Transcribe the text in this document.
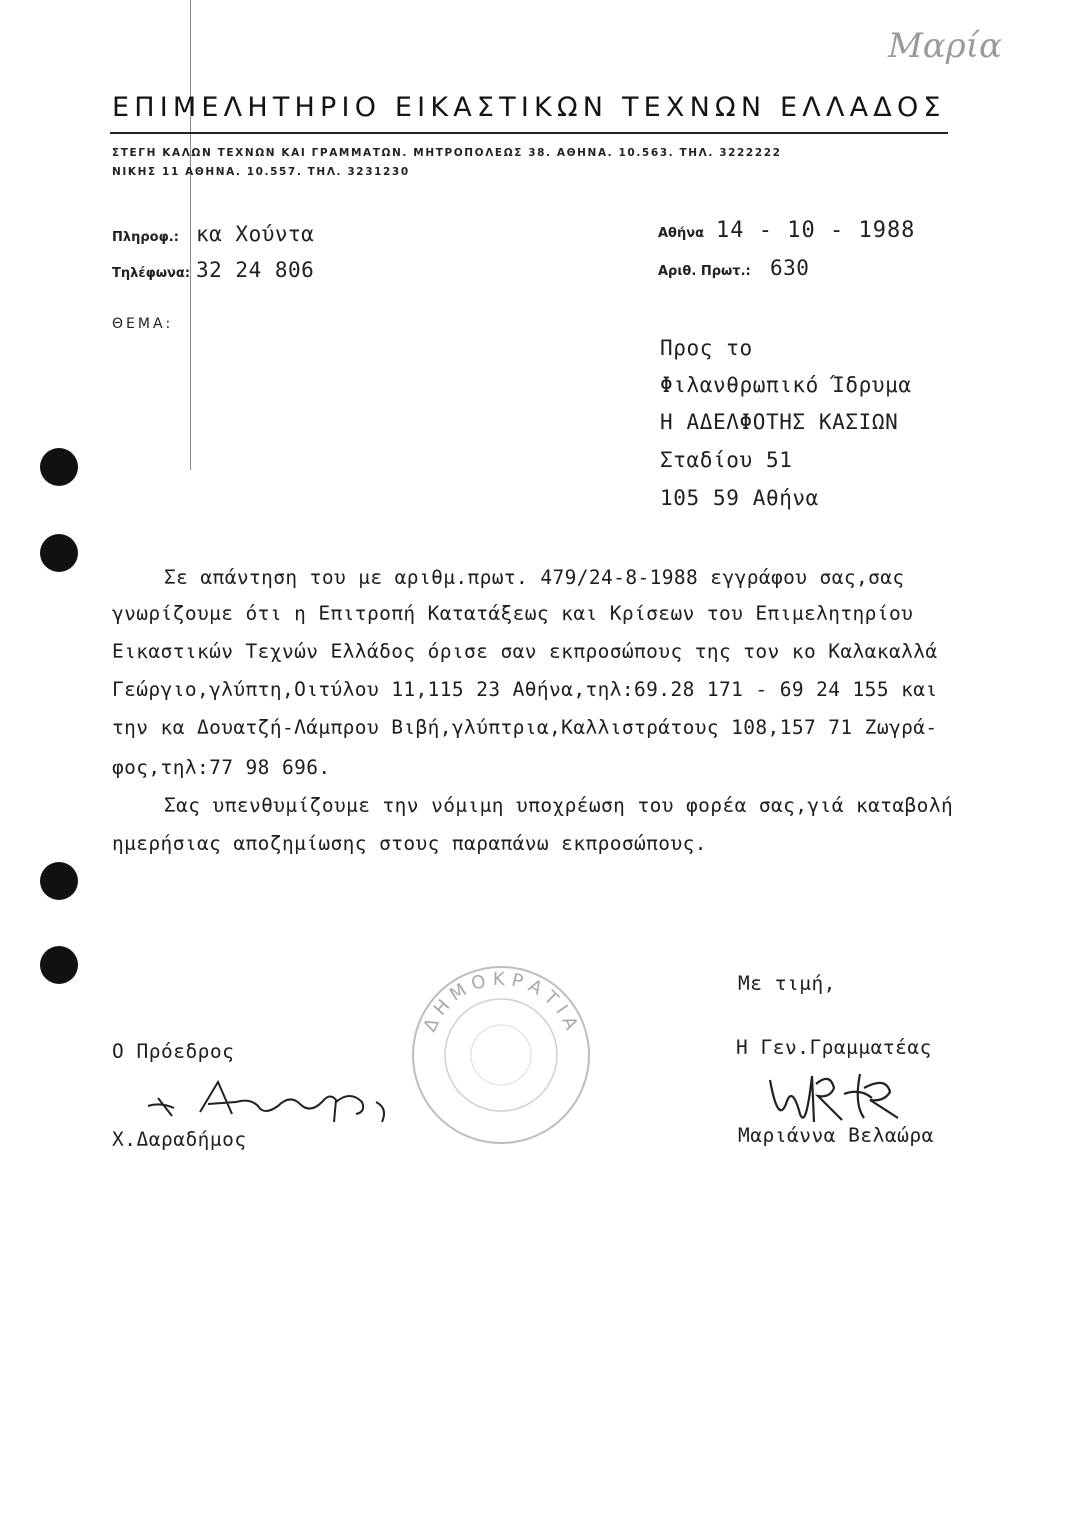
Μαρία
ΕΠΙΜΕΛΗΤΗΡΙΟ ΕΙΚΑΣΤΙΚΩΝ ΤΕΧΝΩΝ ΕΛΛΑΔΟΣ
ΣΤΕΓΗ ΚΑΛΩΝ ΤΕΧΝΩΝ ΚΑΙ ΓΡΑΜΜΑΤΩΝ. ΜΗΤΡΟΠΟΛΕΩΣ 38. ΑΘΗΝΑ. 10.563. ΤΗΛ. 3222222
ΝΙΚΗΣ 11 ΑΘΗΝΑ. 10.557. ΤΗΛ. 3231230
Πληροφ.: κα Χούντα
Τηλέφωνα: 32 24 806
ΘΕΜΑ:
Αθήνα 14 - 10 - 1988
Αριθ. Πρωτ.: 630
Προς το
Φιλανθρωπικό Ίδρυμα
Η ΑΔΕΛΦΟΤΗΣ ΚΑΣΙΩΝ
Σταδίου 51
105 59 Αθήνα
Σε απάντηση του με αριθμ.πρωτ. 479/24-8-1988 εγγράφου σας,σας
γνωρίζουμε ότι η Επιτροπή Κατατάξεως και Κρίσεων του Επιμελητηρίου
Εικαστικών Τεχνών Ελλάδος όρισε σαν εκπροσώπους της τον κο Καλακαλλά
Γεώργιο,γλύπτη,Οιτύλου 11,115 23 Αθήνα,τηλ:69.28 171 - 69 24 155 και
την κα Δουατζή-Λάμπρου Βιβή,γλύπτρια,Καλλιστράτους 108,157 71 Ζωγρά-
φος,τηλ:77 98 696.
Σας υπενθυμίζουμε την νόμιμη υποχρέωση του φορέα σας,γιά καταβολή
ημερήσιας αποζημίωσης στους παραπάνω εκπροσώπους.
Με τιμή,
ΔΗΜΟΚΡΑΤΙΑ
Ο Πρόεδρος
Χ.Δαραδήμος
Η Γεν.Γραμματέας
Μαριάννα Βελαώρα
